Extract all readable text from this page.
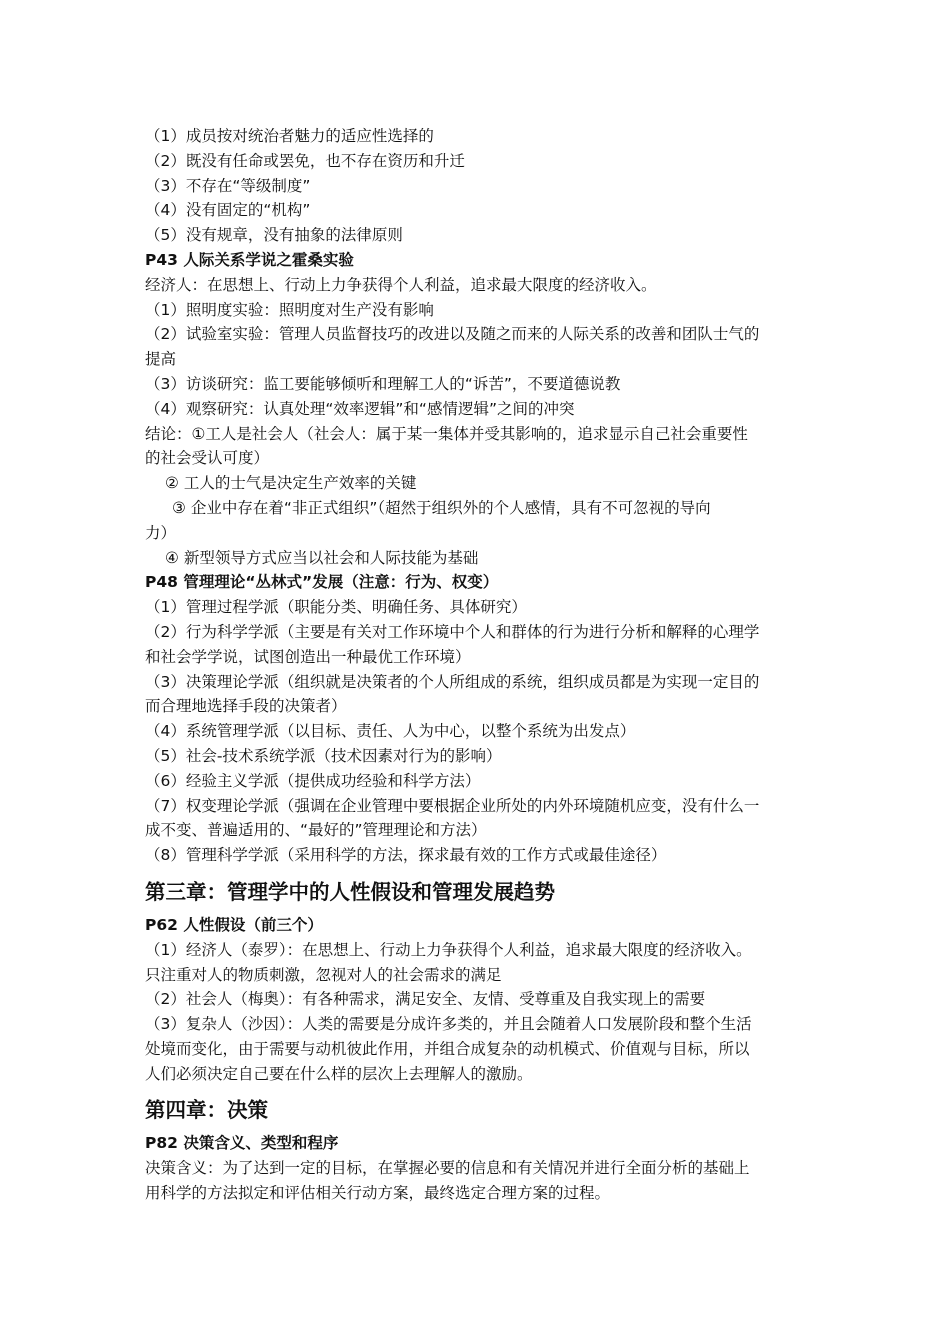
（1）成员按对统治者魅力的适应性选择的
（2）既没有任命或罢免，也不存在资历和升迁
（3）不存在“等级制度”
（4）没有固定的“机构”
（5）没有规章，没有抽象的法律原则
P43 人际关系学说之霍桑实验
经济人：在思想上、行动上力争获得个人利益，追求最大限度的经济收入。
（1）照明度实验：照明度对生产没有影响
（2）试验室实验：管理人员监督技巧的改进以及随之而来的人际关系的改善和团队士气的
提高
（3）访谈研究：监工要能够倾听和理解工人的“诉苦”，不要道德说教
（4）观察研究：认真处理“效率逻辑”和“感情逻辑”之间的冲突
结论：①工人是社会人（社会人：属于某一集体并受其影响的，追求显示自己社会重要性
的社会受认可度）
② 工人的士气是决定生产效率的关键
③ 企业中存在着“非正式组织”（超然于组织外的个人感情，具有不可忽视的导向
力）
④ 新型领导方式应当以社会和人际技能为基础
P48 管理理论“丛林式”发展（注意：行为、权变）
（1）管理过程学派（职能分类、明确任务、具体研究）
（2）行为科学学派（主要是有关对工作环境中个人和群体的行为进行分析和解释的心理学
和社会学学说，试图创造出一种最优工作环境）
（3）决策理论学派（组织就是决策者的个人所组成的系统，组织成员都是为实现一定目的
而合理地选择手段的决策者）
（4）系统管理学派（以目标、责任、人为中心，以整个系统为出发点）
（5）社会-技术系统学派（技术因素对行为的影响）
（6）经验主义学派（提供成功经验和科学方法）
（7）权变理论学派（强调在企业管理中要根据企业所处的内外环境随机应变，没有什么一
成不变、普遍适用的、“最好的”管理理论和方法）
（8）管理科学学派（采用科学的方法，探求最有效的工作方式或最佳途径）
第三章：管理学中的人性假设和管理发展趋势
P62 人性假设（前三个）
（1）经济人（泰罗）：在思想上、行动上力争获得个人利益，追求最大限度的经济收入。
只注重对人的物质刺激，忽视对人的社会需求的满足
（2）社会人（梅奥）：有各种需求，满足安全、友情、受尊重及自我实现上的需要
（3）复杂人（沙因）：人类的需要是分成许多类的，并且会随着人口发展阶段和整个生活
处境而变化，由于需要与动机彼此作用，并组合成复杂的动机模式、价值观与目标，所以
人们必须决定自己要在什么样的层次上去理解人的激励。
第四章：决策
P82 决策含义、类型和程序
决策含义：为了达到一定的目标，在掌握必要的信息和有关情况并进行全面分析的基础上
用科学的方法拟定和评估相关行动方案，最终选定合理方案的过程。
